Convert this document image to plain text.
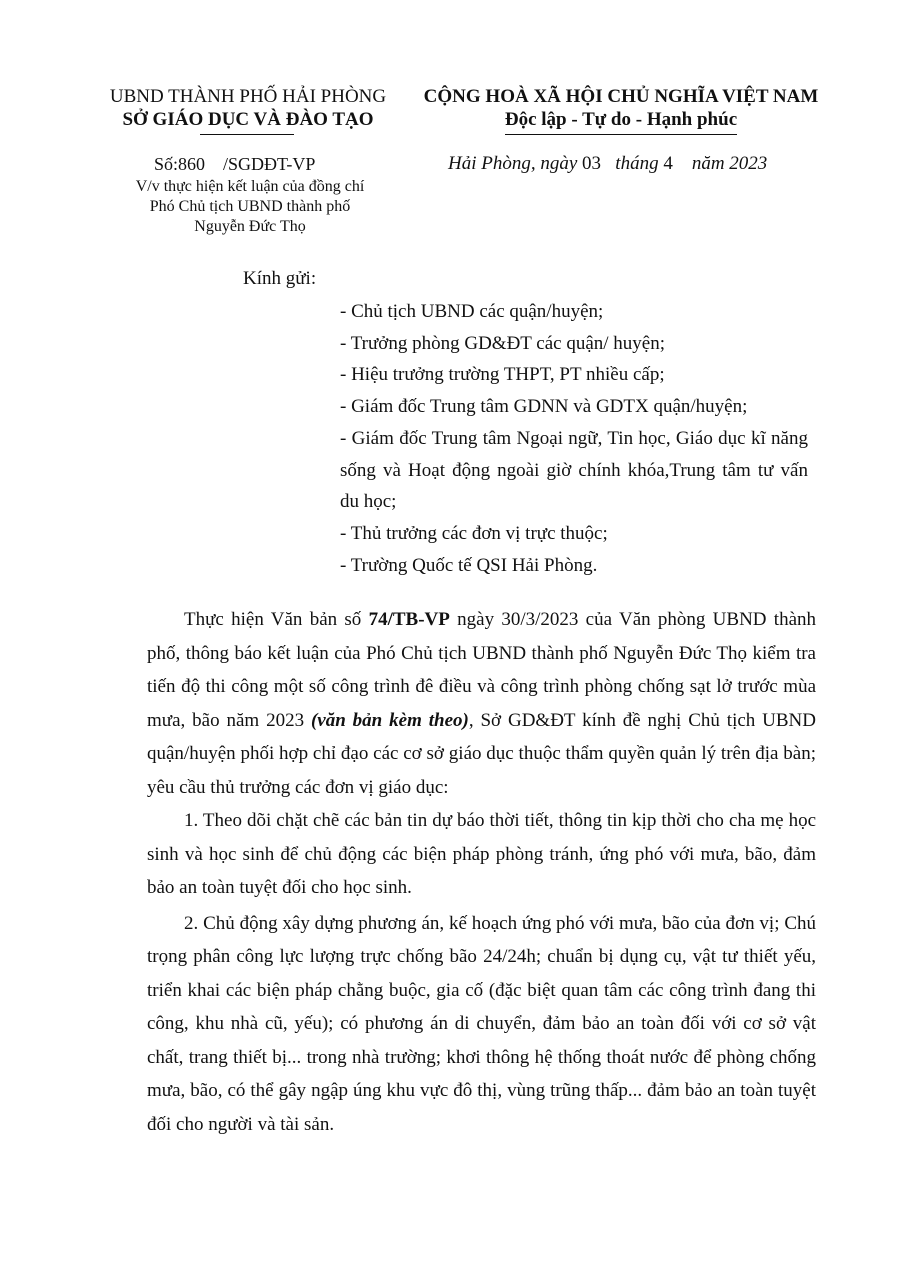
UBND THÀNH PHỐ HẢI PHÒNG
SỞ GIÁO DỤC VÀ ĐÀO TẠO
CỘNG HOÀ XÃ HỘI CHỦ NGHĨA VIỆT NAM
Độc lập - Tự do - Hạnh phúc
Số:860 /SGDĐT-VP
V/v thực hiện kết luận của đồng chí
Phó Chủ tịch UBND thành phố
Nguyễn Đức Thọ
Hải Phòng, ngày 03 tháng 4 năm 2023
Kính gửi:
- Chủ tịch UBND các quận/huyện;
- Trưởng phòng GD&ĐT các quận/ huyện;
- Hiệu trưởng trường THPT, PT nhiều cấp;
- Giám đốc Trung tâm GDNN và GDTX quận/huyện;
- Giám đốc Trung tâm Ngoại ngữ, Tin học, Giáo dục kĩ năng sống và Hoạt động ngoài giờ chính khóa,Trung tâm tư vấn du học;
- Thủ trưởng các đơn vị trực thuộc;
- Trường Quốc tế QSI Hải Phòng.

Thực hiện Văn bản số 74/TB-VP ngày 30/3/2023 của Văn phòng UBND thành phố, thông báo kết luận của Phó Chủ tịch UBND thành phố Nguyễn Đức Thọ kiểm tra tiến độ thi công một số công trình đê điều và công trình phòng chống sạt lở trước mùa mưa, bão năm 2023 (văn bản kèm theo), Sở GD&ĐT kính đề nghị Chủ tịch UBND quận/huyện phối hợp chỉ đạo các cơ sở giáo dục thuộc thẩm quyền quản lý trên địa bàn; yêu cầu thủ trưởng các đơn vị giáo dục:

1. Theo dõi chặt chẽ các bản tin dự báo thời tiết, thông tin kịp thời cho cha mẹ học sinh và học sinh để chủ động các biện pháp phòng tránh, ứng phó với mưa, bão, đảm bảo an toàn tuyệt đối cho học sinh.

2. Chủ động xây dựng phương án, kế hoạch ứng phó với mưa, bão của đơn vị; Chú trọng phân công lực lượng trực chống bão 24/24h; chuẩn bị dụng cụ, vật tư thiết yếu, triển khai các biện pháp chằng buộc, gia cố (đặc biệt quan tâm các công trình đang thi công, khu nhà cũ, yếu); có phương án di chuyển, đảm bảo an toàn đối với cơ sở vật chất, trang thiết bị... trong nhà trường; khơi thông hệ thống thoát nước để phòng chống mưa, bão, có thể gây ngập úng khu vực đô thị, vùng trũng thấp... đảm bảo an toàn tuyệt đối cho người và tài sản.
